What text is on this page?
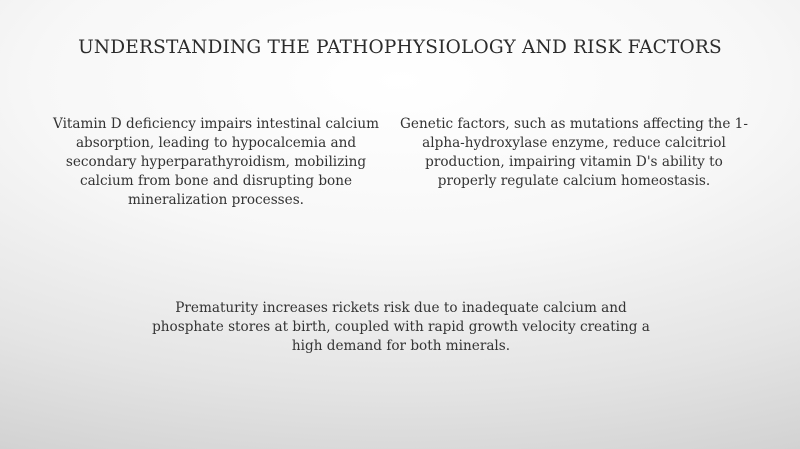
UNDERSTANDING THE PATHOPHYSIOLOGY AND RISK FACTORS

Vitamin D deficiency impairs intestinal calcium absorption, leading to hypocalcemia and secondary hyperparathyroidism, mobilizing calcium from bone and disrupting bone mineralization processes.

Genetic factors, such as mutations affecting the 1-alpha-hydroxylase enzyme, reduce calcitriol production, impairing vitamin D's ability to properly regulate calcium homeostasis.

Prematurity increases rickets risk due to inadequate calcium and phosphate stores at birth, coupled with rapid growth velocity creating a high demand for both minerals.
